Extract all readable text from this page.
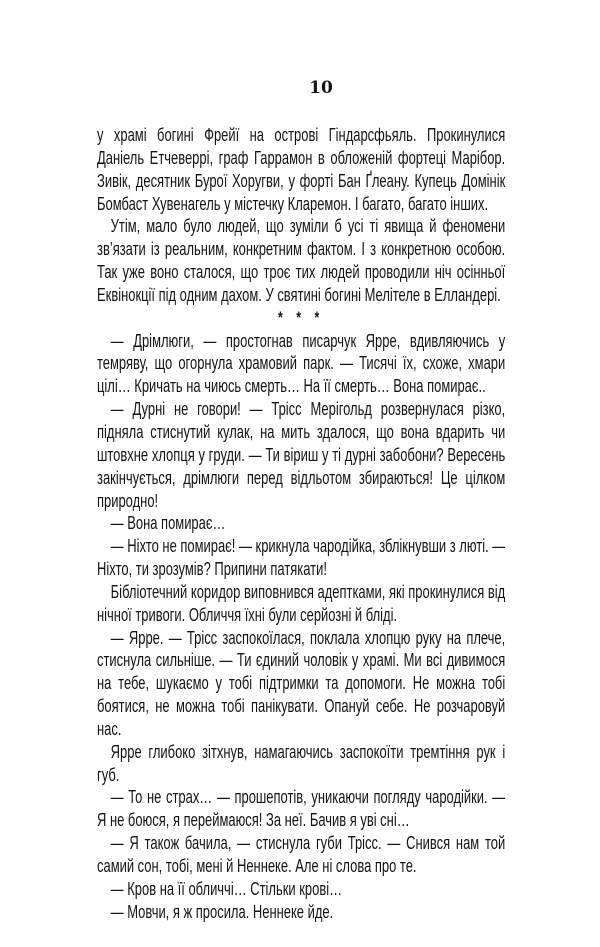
10

у храмі богині Фрейї на острові Гіндарсфьяль. Прокинулися Даніель Етчеверрі, граф Гаррамон в обложеній фортеці Марібор. Зивік, десятник Бурої Хоругви, у форті Бан Ґлеану. Купець Домінік Бомбаст Хувенагель у містечку Кларемон. І багато, багато інших.

Утім, мало було людей, що зуміли б усі ті явища й феномени зв’язати із реальним, конкретним фактом. І з конкретною особою. Так уже воно сталося, що троє тих людей проводили ніч осінньої Еквінокції під одним дахом. У святині богині Мелітеле в Елландері.

* * *

— Дрімлюги, — простогнав писарчук Ярре, вдивляючись у темряву, що огорнула храмовий парк. — Тисячі їх, схоже, хмари цілі… Кричать на чиюсь смерть… На її смерть… Вона помирає..

— Дурні не говори! — Трісс Мерігольд розвернулася різко, підняла стиснутий кулак, на мить здалося, що вона вдарить чи штовхне хлопця у груди. — Ти віриш у ті дурні забобони? Вересень закінчується, дрімлюги перед відльотом збираються! Це цілком природно!

— Вона помирає…

— Ніхто не помирає! — крикнула чародійка, зблікнувши з люті. — Ніхто, ти зрозумів? Припини патякати!

Бібліотечний коридор виповнився адептками, які прокинулися від нічної тривоги. Обличчя їхні були серйозні й бліді.

— Ярре. — Трісс заспокоїлася, поклала хлопцю руку на плече, стиснула сильніше. — Ти єдиний чоловік у храмі. Ми всі дивимося на тебе, шукаємо у тобі підтримки та допомоги. Не можна тобі боятися, не можна тобі панікувати. Опануй себе. Не розчаровуй нас.

Ярре глибоко зітхнув, намагаючись заспокоїти тремтіння рук і губ.

— То не страх… — прошепотів, уникаючи погляду чародійки. — Я не боюся, я переймаюся! За неї. Бачив я уві сні…

— Я також бачила, — стиснула губи Трісс. — Снився нам той самий сон, тобі, мені й Неннеке. Але ні слова про те.

— Кров на її обличчі… Стільки крові…

— Мовчи, я ж просила. Неннеке йде.
